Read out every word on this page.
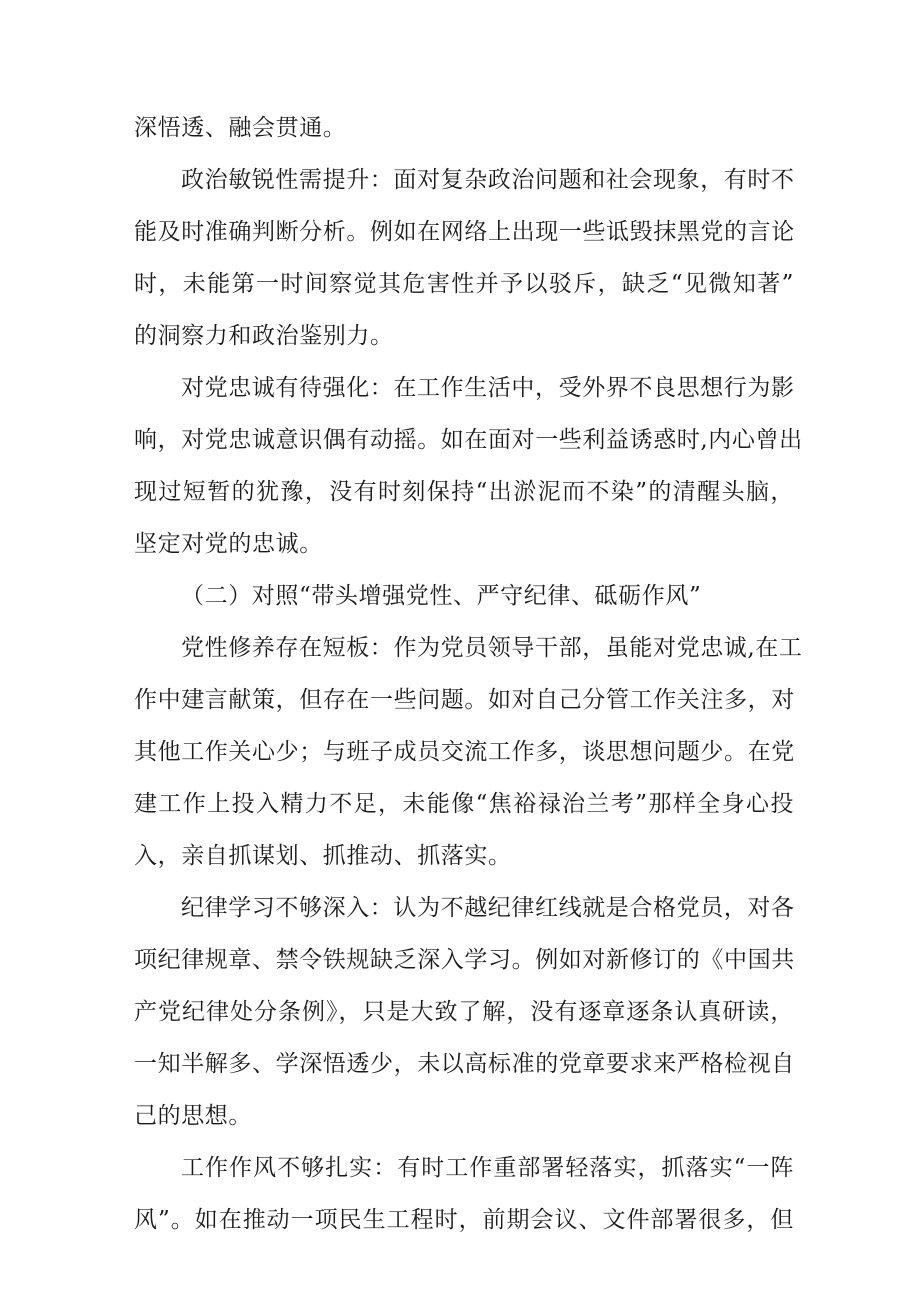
深悟透、融会贯通。
政治敏锐性需提升：面对复杂政治问题和社会现象，有时不
能及时准确判断分析。例如在网络上出现一些诋毁抹黑党的言论
时，未能第一时间察觉其危害性并予以驳斥，缺乏“见微知著”
的洞察力和政治鉴别力。
对党忠诚有待强化：在工作生活中，受外界不良思想行为影
响，对党忠诚意识偶有动摇。如在面对一些利益诱惑时,内心曾出
现过短暂的犹豫，没有时刻保持“出淤泥而不染”的清醒头脑，
坚定对党的忠诚。
（二）对照“带头增强党性、严守纪律、砥砺作风”
党性修养存在短板：作为党员领导干部，虽能对党忠诚,在工
作中建言献策，但存在一些问题。如对自己分管工作关注多，对
其他工作关心少；与班子成员交流工作多，谈思想问题少。在党
建工作上投入精力不足，未能像“焦裕禄治兰考”那样全身心投
入，亲自抓谋划、抓推动、抓落实。
纪律学习不够深入：认为不越纪律红线就是合格党员，对各
项纪律规章、禁令铁规缺乏深入学习。例如对新修订的《中国共
产党纪律处分条例》，只是大致了解，没有逐章逐条认真研读，
一知半解多、学深悟透少，未以高标准的党章要求来严格检视自
己的思想。
工作作风不够扎实：有时工作重部署轻落实，抓落实“一阵
风”。如在推动一项民生工程时，前期会议、文件部署很多，但
